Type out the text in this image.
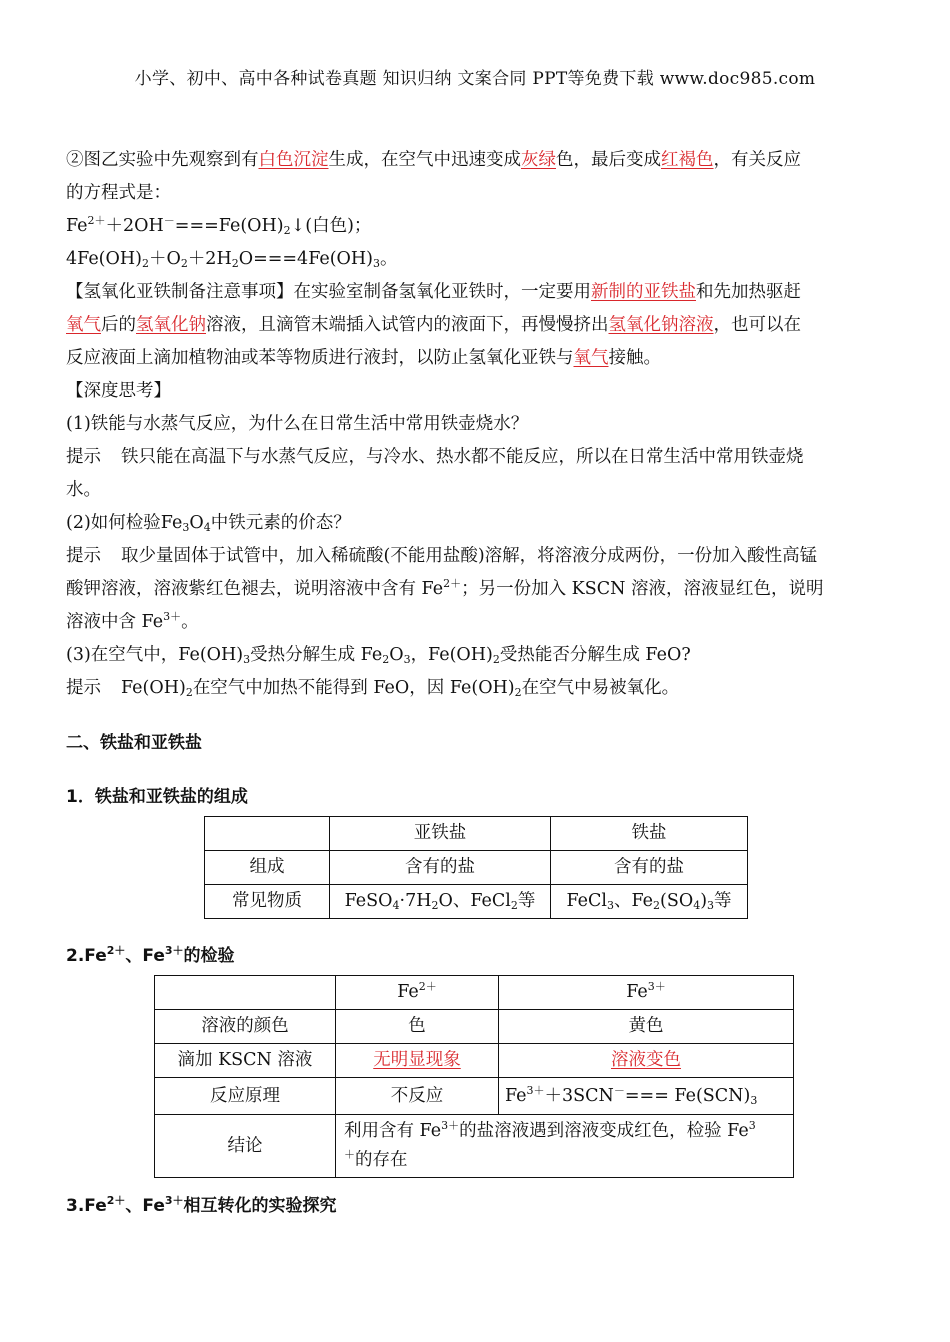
小学、初中、高中各种试卷真题 知识归纳 文案合同 PPT等免费下载 www.doc985.com

②图乙实验中先观察到有白色沉淀生成，在空气中迅速变成灰绿色，最后变成红褐色，有关反应
的方程式是：

$Fe^{2+}+2OH^-===Fe(OH)_2↓$(白色)；

$4Fe(OH)_2+O_2+2H_2O===4Fe(OH)_3$。

【氢氧化亚铁制备注意事项】在实验室制备氢氧化亚铁时，一定要用新制的亚铁盐和先加热驱赶
氧气后的氢氧化钠溶液，且滴管末端插入试管内的液面下，再慢慢挤出氢氧化钠溶液，也可以在
反应液面上滴加植物油或苯等物质进行液封，以防止氢氧化亚铁与氧气接触。

【深度思考】

(1)铁能与水蒸气反应，为什么在日常生活中常用铁壶烧水？

提示 铁只能在高温下与水蒸气反应，与冷水、热水都不能反应，所以在日常生活中常用铁壶烧
水。

(2)如何检验$Fe_3O_4$中铁元素的价态？

提示 取少量固体于试管中，加入稀硫酸(不能用盐酸)溶解，将溶液分成两份，一份加入酸性高锰
酸钾溶液，溶液紫红色褪去，说明溶液中含有 $Fe^{2+}$；另一份加入 KSCN 溶液，溶液显红色，说明
溶液中含 $Fe^{3+}$。

(3)在空气中，$Fe(OH)_3$受热分解生成 $Fe_2O_3$，$Fe(OH)_2$受热能否分解生成 FeO?

提示 $Fe(OH)_2$在空气中加热不能得到 FeO，因 $Fe(OH)_2$在空气中易被氧化。

二、铁盐和亚铁盐

1．铁盐和亚铁盐的组成

	亚铁盐	铁盐
组成	含有的盐	含有的盐
常见物质	$FeSO_4\cdot 7H_2O$、FeCl$_2$等	FeCl$_3$、$Fe_2(SO_4)_3$等

$2.Fe^{2+}$、$Fe^{3+}$的检验

	$Fe^{2+}$	$Fe^{3+}$
溶液的颜色	色	黄色
滴加 KSCN 溶液	无明显现象	溶液变色
反应原理	不反应	$Fe^{3+}+3SCN^-=== Fe(SCN)_3$
结论	利用含有 $Fe^{3+}$的盐溶液遇到溶液变成红色，检验 Fe$^3$
＋的存在	

$3.Fe^{2+}$、$Fe^{3+}$相互转化的实验探究
